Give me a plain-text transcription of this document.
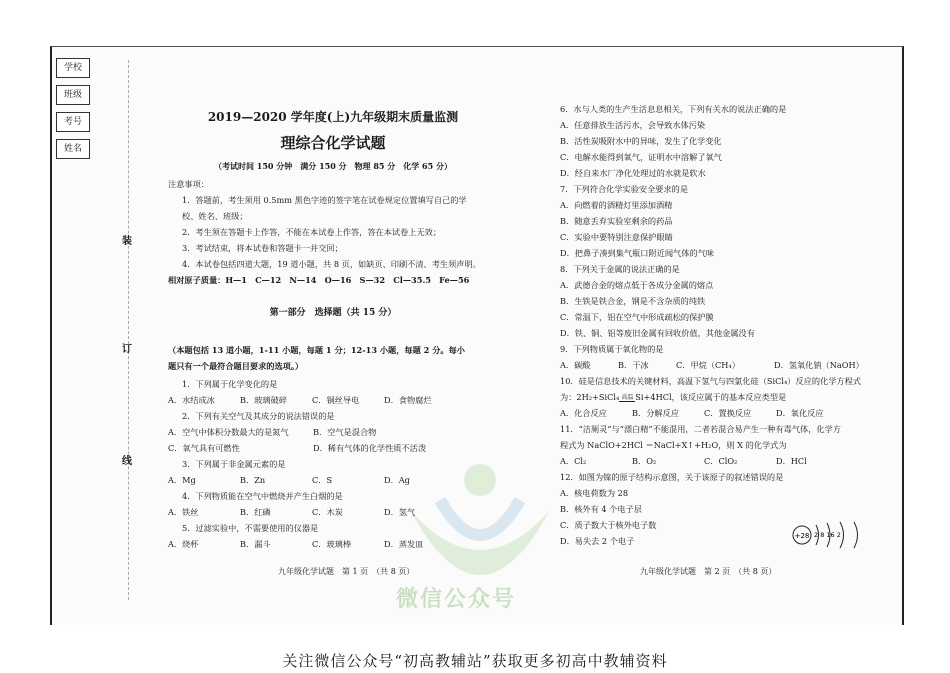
学校
班级
考号
姓名
装
订
线
微信公众号
2019—2020 学年度(上)九年级期末质量监测
理综合化学试题
（考试时间 150 分钟　满分 150 分　物理 85 分　化学 65 分）
注意事项：
1．答题前，考生须用 0.5mm 黑色字迹的签字笔在试卷规定位置填写自己的学校、姓名、班级；
2．考生须在答题卡上作答，不能在本试卷上作答，答在本试卷上无效；
3．考试结束，将本试卷和答题卡一并交回；
4．本试卷包括四道大题，19 道小题，共 8 页，如缺页、印刷不清、考生须声明。
相对原子质量：H—1　C—12　N—14　O—16　S—32　Cl—35.5　Fe—56
第一部分　选择题（共 15 分）
（本题包括 13 道小题，1-11 小题，每题 1 分；12-13 小题，每题 2 分。每小题只有一个最符合题目要求的选项。）
1．下列属于化学变化的是
A．水结成冰	B．玻璃破碎	C．铜丝导电	D．食物腐烂
2．下列有关空气及其成分的说法错误的是
A．空气中体积分数最大的是氮气	B．空气是混合物
C．氧气具有可燃性	D．稀有气体的化学性质不活泼
3．下列属于非金属元素的是
A．Mg	B．Zn	C．S	D．Ag
4．下列物质能在空气中燃烧并产生白烟的是
A．铁丝	B．红磷	C．木炭	D．氢气
5．过滤实验中，不需要使用的仪器是
A．烧杯	B．漏斗	C．玻璃棒	D．蒸发皿
6．水与人类的生产生活息息相关，下列有关水的说法正确的是
A．任意排放生活污水，会导致水体污染
B．活性炭吸附水中的异味，发生了化学变化
C．电解水能得到氧气，证明水中溶解了氧气
D．经自来水厂净化处理过的水就是软水
7．下列符合化学实验安全要求的是
A．向燃着的酒精灯里添加酒精
B．随意丢弃实验室剩余的药品
C．实验中要特别注意保护眼睛
D．把鼻子凑到集气瓶口附近闻气体的气味
8．下列关于金属的说法正确的是
A．武德合金的熔点低于各成分金属的熔点
B．生铁是铁合金，钢是不含杂质的纯铁
C．常温下，铝在空气中形成疏松的保护膜
D．铁、铜、铝等废旧金属有回收价值，其他金属没有
9．下列物质属于氧化物的是
A．碳酸	B．干冰	C．甲烷（CH₄）	D．氢氧化钠（NaOH）
10．硅是信息技术的关键材料，高温下氢气与四氯化硅（SiCl₄）反应的化学方程式
为：2H₂+SiCl₄ 高温 Si+4HCl，该反应属于的基本反应类型是
A．化合反应	B．分解反应	C．置换反应	D．氧化反应
11．“洁厕灵”与“漂白精”不能混用，二者若混合易产生一种有毒气体，化学方
程式为 NaClO+2HCl ＝NaCl+X↑+H₂O，则 X 的化学式为
A．Cl₂	B．O₂	C．ClO₂	D．HCl
12．如图为镍的原子结构示意图，关于该原子的叙述错误的是
A．核电荷数为 28
B．核外有 4 个电子层
C．质子数大于核外电子数
D．易失去 2 个电子	+28 2 8 16 2
九年级化学试题　第 1 页　（共 8 页）	九年级化学试题　第 2 页　（共 8 页）
关注微信公众号“初高教辅站”获取更多初高中教辅资料
